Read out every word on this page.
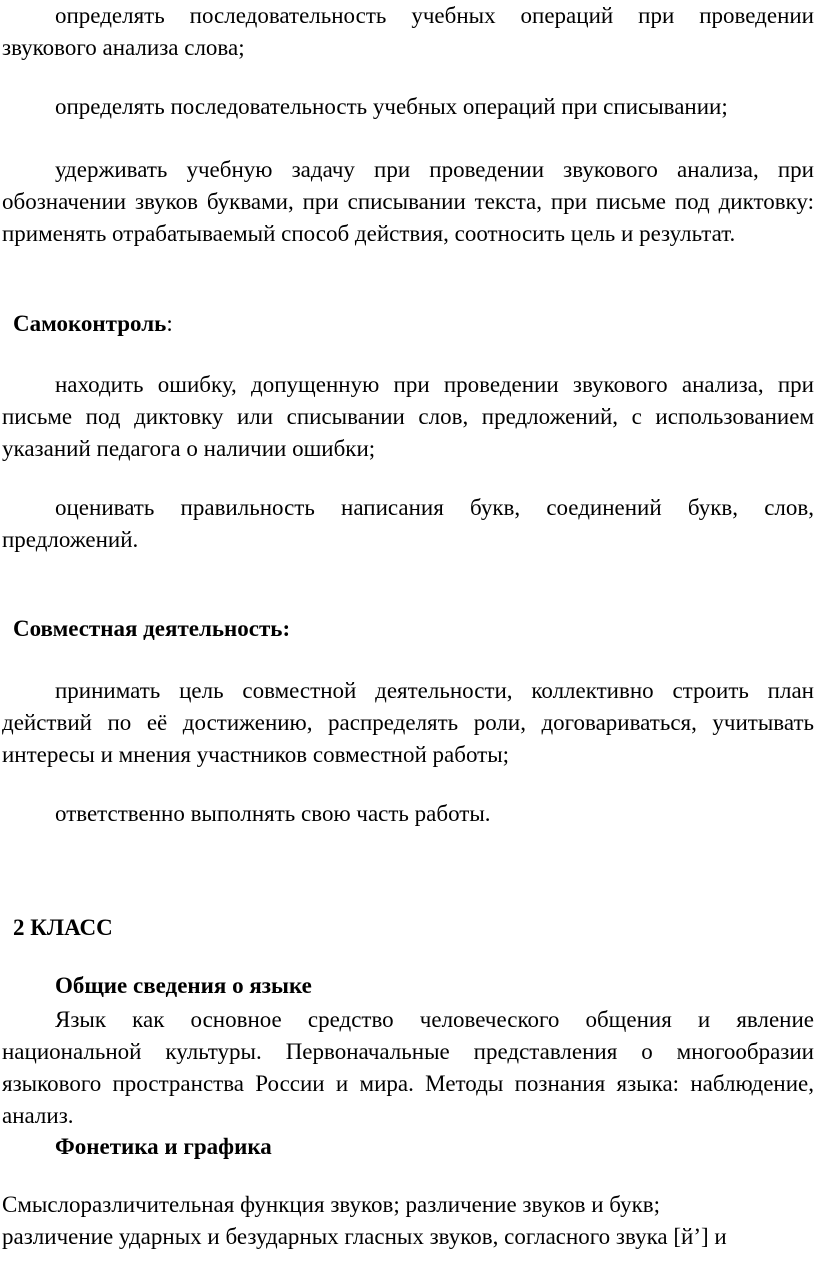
определять последовательность учебных операций при проведении звукового анализа слова;

определять последовательность учебных операций при списывании;

удерживать учебную задачу при проведении звукового анализа, при обозначении звуков буквами, при списывании текста, при письме под диктовку: применять отрабатываемый способ действия, соотносить цель и результат.

Самоконтроль:

находить ошибку, допущенную при проведении звукового анализа, при письме под диктовку или списывании слов, предложений, с использованием указаний педагога о наличии ошибки;

оценивать правильность написания букв, соединений букв, слов, предложений.

Совместная деятельность:

принимать цель совместной деятельности, коллективно строить план действий по её достижению, распределять роли, договариваться, учитывать интересы и мнения участников совместной работы;

ответственно выполнять свою часть работы.

2 КЛАСС

Общие сведения о языке

Язык как основное средство человеческого общения и явление национальной культуры. Первоначальные представления о многообразии языкового пространства России и мира. Методы познания языка: наблюдение, анализ.

Фонетика и графика

Смыслоразличительная функция звуков; различение звуков и букв;

различение ударных и безударных гласных звуков, согласного звука [й’] и
